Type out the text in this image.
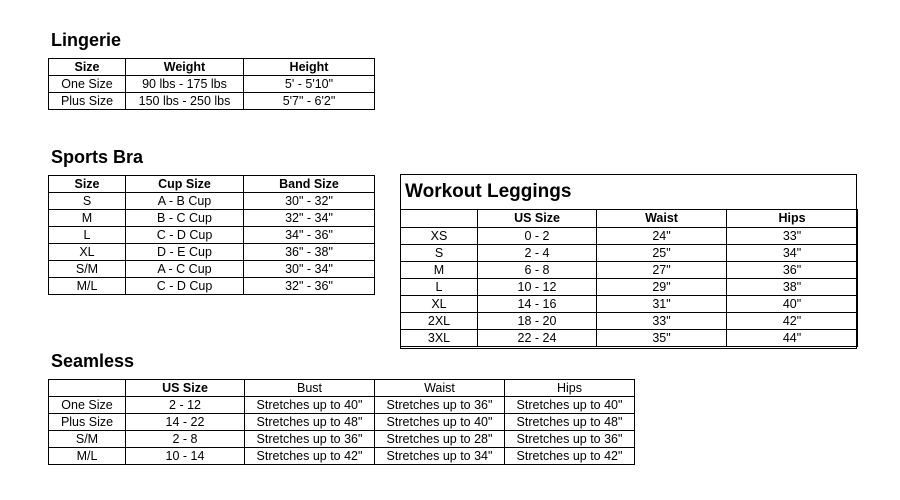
Lingerie
Size	Weight	Height
One Size	90 lbs - 175 lbs	5' - 5'10"
Plus Size	150 lbs - 250 lbs	5'7" - 6'2"
Sports Bra
Size	Cup Size	Band Size
S	A - B Cup	30" - 32"
M	B - C Cup	32" - 34"
L	C - D Cup	34" - 36"
XL	D - E Cup	36" - 38"
S/M	A - C Cup	30" - 34"
M/L	C - D Cup	32" - 36"
Workout Leggings
	US Size	Waist	Hips
XS	0 - 2	24"	33"
S	2 - 4	25"	34"
M	6 - 8	27"	36"
L	10 - 12	29"	38"
XL	14 - 16	31"	40"
2XL	18 - 20	33"	42"
3XL	22 - 24	35"	44"
Seamless
	US Size	Bust	Waist	Hips
One Size	2 - 12	Stretches up to 40"	Stretches up to 36"	Stretches up to 40"
Plus Size	14 - 22	Stretches up to 48"	Stretches up to 40"	Stretches up to 48"
S/M	2 - 8	Stretches up to 36"	Stretches up to 28"	Stretches up to 36"
M/L	10 - 14	Stretches up to 42"	Stretches up to 34"	Stretches up to 42"
